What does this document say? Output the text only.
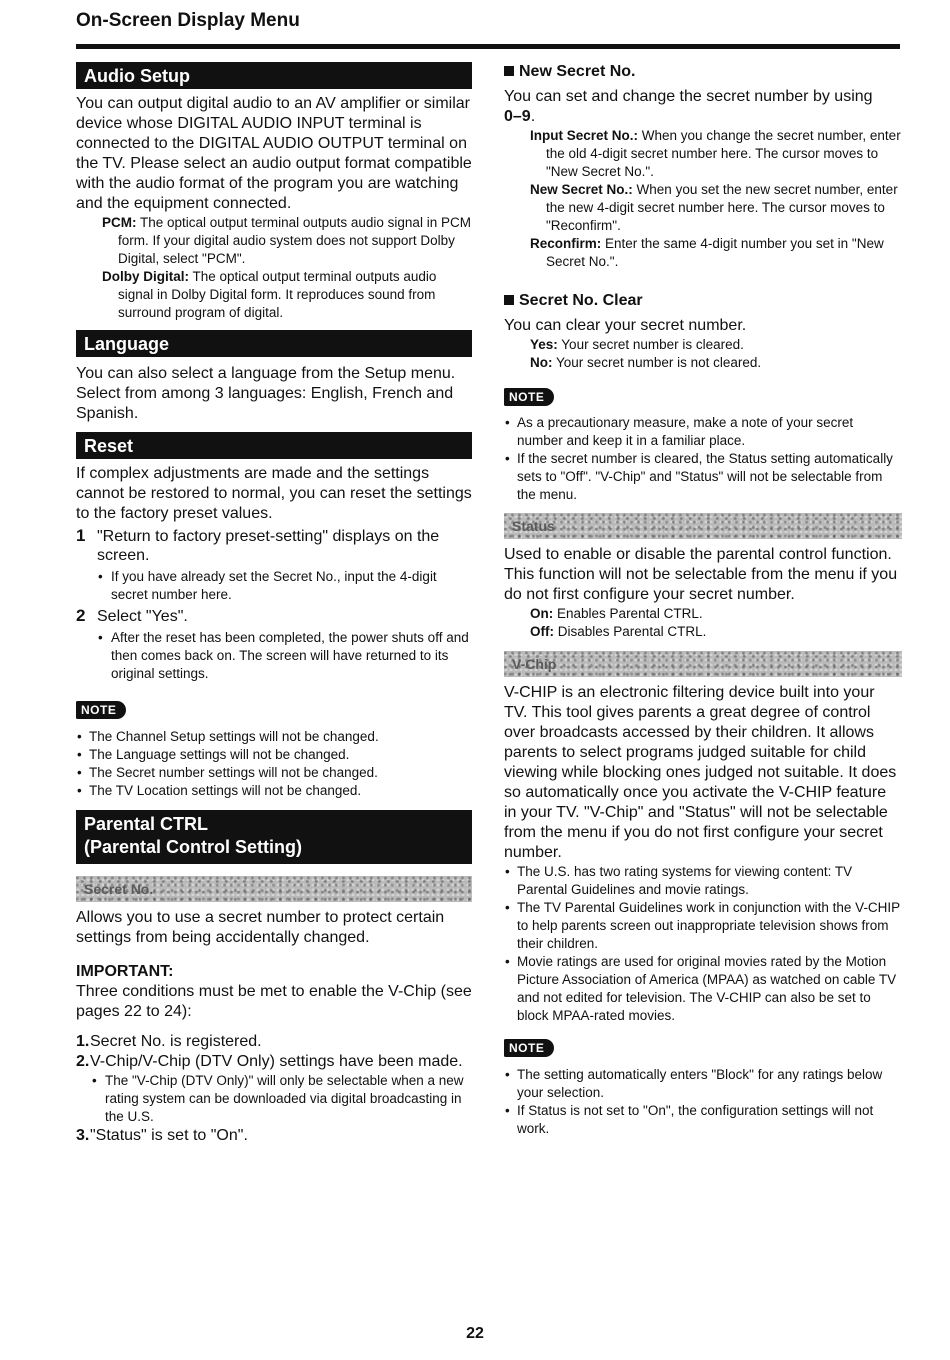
On-Screen Display Menu
Audio Setup

You can output digital audio to an AV amplifier or similar device whose DIGITAL AUDIO INPUT terminal is connected to the DIGITAL AUDIO OUTPUT terminal on the TV. Please select an audio output format compatible with the audio format of the program you are watching and the equipment connected.

PCM: The optical output terminal outputs audio signal in PCM form. If your digital audio system does not support Dolby Digital, select "PCM".

Dolby Digital: The optical output terminal outputs audio signal in Dolby Digital form. It reproduces sound from surround program of digital.

Language

You can also select a language from the Setup menu. Select from among 3 languages: English, French and Spanish.

Reset

If complex adjustments are made and the settings cannot be restored to normal, you can reset the settings to the factory preset values.

1 "Return to factory preset-setting" displays on the screen.
• If you have already set the Secret No., input the 4-digit secret number here.
2 Select "Yes".
• After the reset has been completed, the power shuts off and then comes back on. The screen will have returned to its original settings.
NOTE
• The Channel Setup settings will not be changed.
• The Language settings will not be changed.
• The Secret number settings will not be changed.
• The TV Location settings will not be changed.
Parental CTRL
(Parental Control Setting)
Secret No.

Allows you to use a secret number to protect certain settings from being accidentally changed.

IMPORTANT:

Three conditions must be met to enable the V-Chip (see pages 22 to 24):

1. Secret No. is registered.
2. V-Chip/V-Chip (DTV Only) settings have been made.
• The "V-Chip (DTV Only)" will only be selectable when a new rating system can be downloaded via digital broadcasting in the U.S.
3. "Status" is set to "On".
New Secret No.

You can set and change the secret number by using
0–9.

Input Secret No.: When you change the secret number, enter the old 4-digit secret number here. The cursor moves to "New Secret No.".

New Secret No.: When you set the new secret number, enter the new 4-digit secret number here. The cursor moves to "Reconfirm".

Reconfirm: Enter the same 4-digit number you set in "New Secret No.".

Secret No. Clear

You can clear your secret number.

Yes: Your secret number is cleared.

No: Your secret number is not cleared.

NOTE
• As a precautionary measure, make a note of your secret number and keep it in a familiar place.
• If the secret number is cleared, the Status setting automatically sets to "Off". "V-Chip" and "Status" will not be selectable from the menu.
Status

Used to enable or disable the parental control function. This function will not be selectable from the menu if you do not first configure your secret number.

On: Enables Parental CTRL.

Off: Disables Parental CTRL.

V-Chip

V-CHIP is an electronic filtering device built into your TV. This tool gives parents a great degree of control over broadcasts accessed by their children. It allows parents to select programs judged suitable for child viewing while blocking ones judged not suitable. It does so automatically once you activate the V-CHIP feature in your TV. "V-Chip" and "Status" will not be selectable from the menu if you do not first configure your secret number.

• The U.S. has two rating systems for viewing content: TV Parental Guidelines and movie ratings.
• The TV Parental Guidelines work in conjunction with the V-CHIP to help parents screen out inappropriate television shows from their children.
• Movie ratings are used for original movies rated by the Motion Picture Association of America (MPAA) as watched on cable TV and not edited for television. The V-CHIP can also be set to block MPAA-rated movies.
NOTE
• The setting automatically enters "Block" for any ratings below your selection.
• If Status is not set to "On", the configuration settings will not work.
22
